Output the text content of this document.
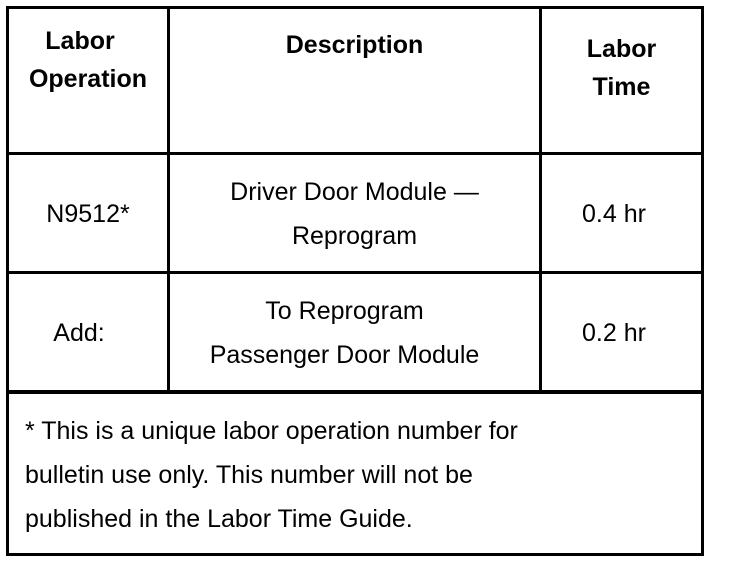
Labor
Operation
Description	Labor
Time
N9512*
Driver Door Module —
Reprogram
0.4 hr
Add:
To Reprogram
Passenger Door Module
0.2 hr
* This is a unique labor operation number for
bulletin use only. This number will not be
published in the Labor Time Guide.
